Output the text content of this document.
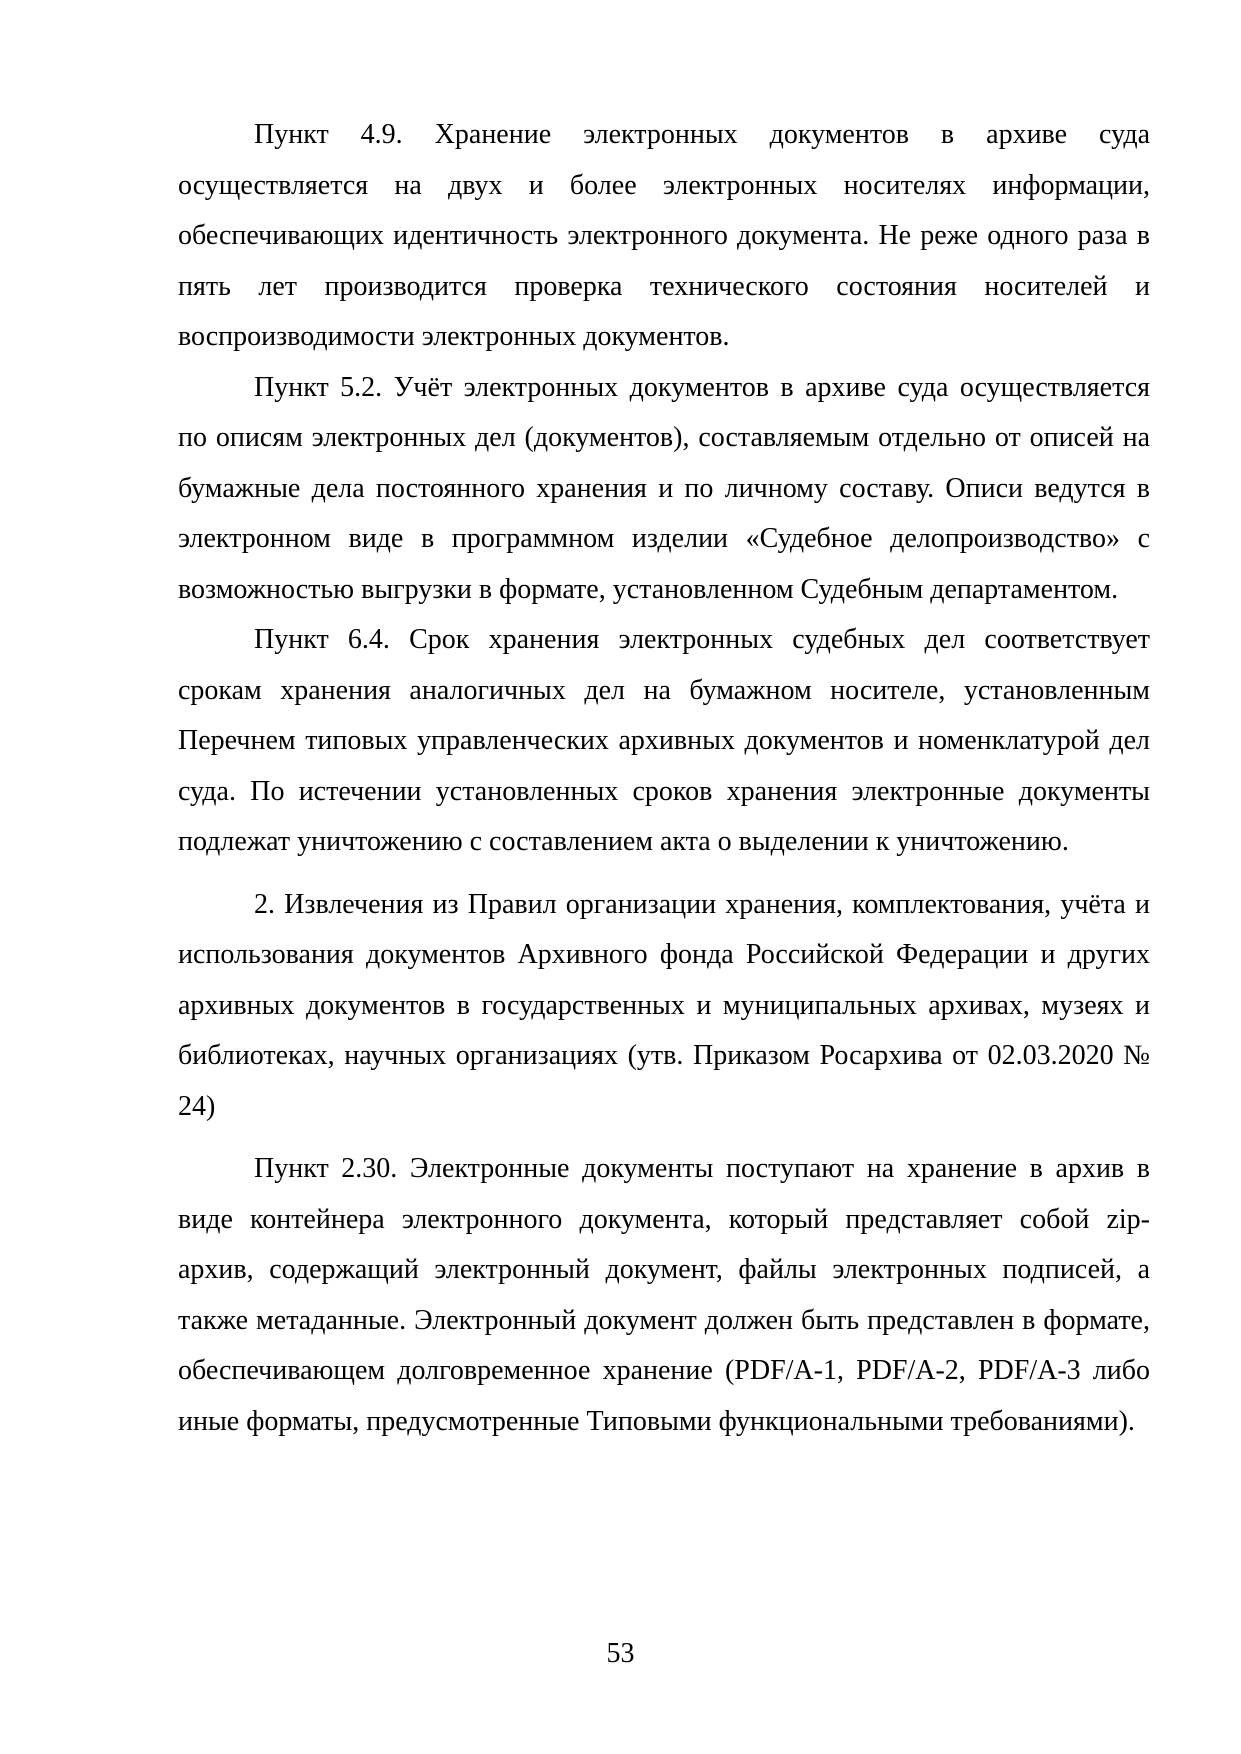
Пункт 4.9. Хранение электронных документов в архиве суда осуществляется на двух и более электронных носителях информации, обеспечивающих идентичность электронного документа. Не реже одного раза в пять лет производится проверка технического состояния носителей и воспроизводимости электронных документов.

Пункт 5.2. Учёт электронных документов в архиве суда осуществляется по описям электронных дел (документов), составляемым отдельно от описей на бумажные дела постоянного хранения и по личному составу. Описи ведутся в электронном виде в программном изделии «Судебное делопроизводство» с возможностью выгрузки в формате, установленном Судебным департаментом.

Пункт 6.4. Срок хранения электронных судебных дел соответствует срокам хранения аналогичных дел на бумажном носителе, установленным Перечнем типовых управленческих архивных документов и номенклатурой дел суда. По истечении установленных сроков хранения электронные документы подлежат уничтожению с составлением акта о выделении к уничтожению.

2. Извлечения из Правил организации хранения, комплектования, учёта и использования документов Архивного фонда Российской Федерации и других архивных документов в государственных и муниципальных архивах, музеях и библиотеках, научных организациях (утв. Приказом Росархива от 02.03.2020 № 24)

Пункт 2.30. Электронные документы поступают на хранение в архив в виде контейнера электронного документа, который представляет собой zip-архив, содержащий электронный документ, файлы электронных подписей, а также метаданные. Электронный документ должен быть представлен в формате, обеспечивающем долговременное хранение (PDF/A-1, PDF/A-2, PDF/A-3 либо иные форматы, предусмотренные Типовыми функциональными требованиями).

53
